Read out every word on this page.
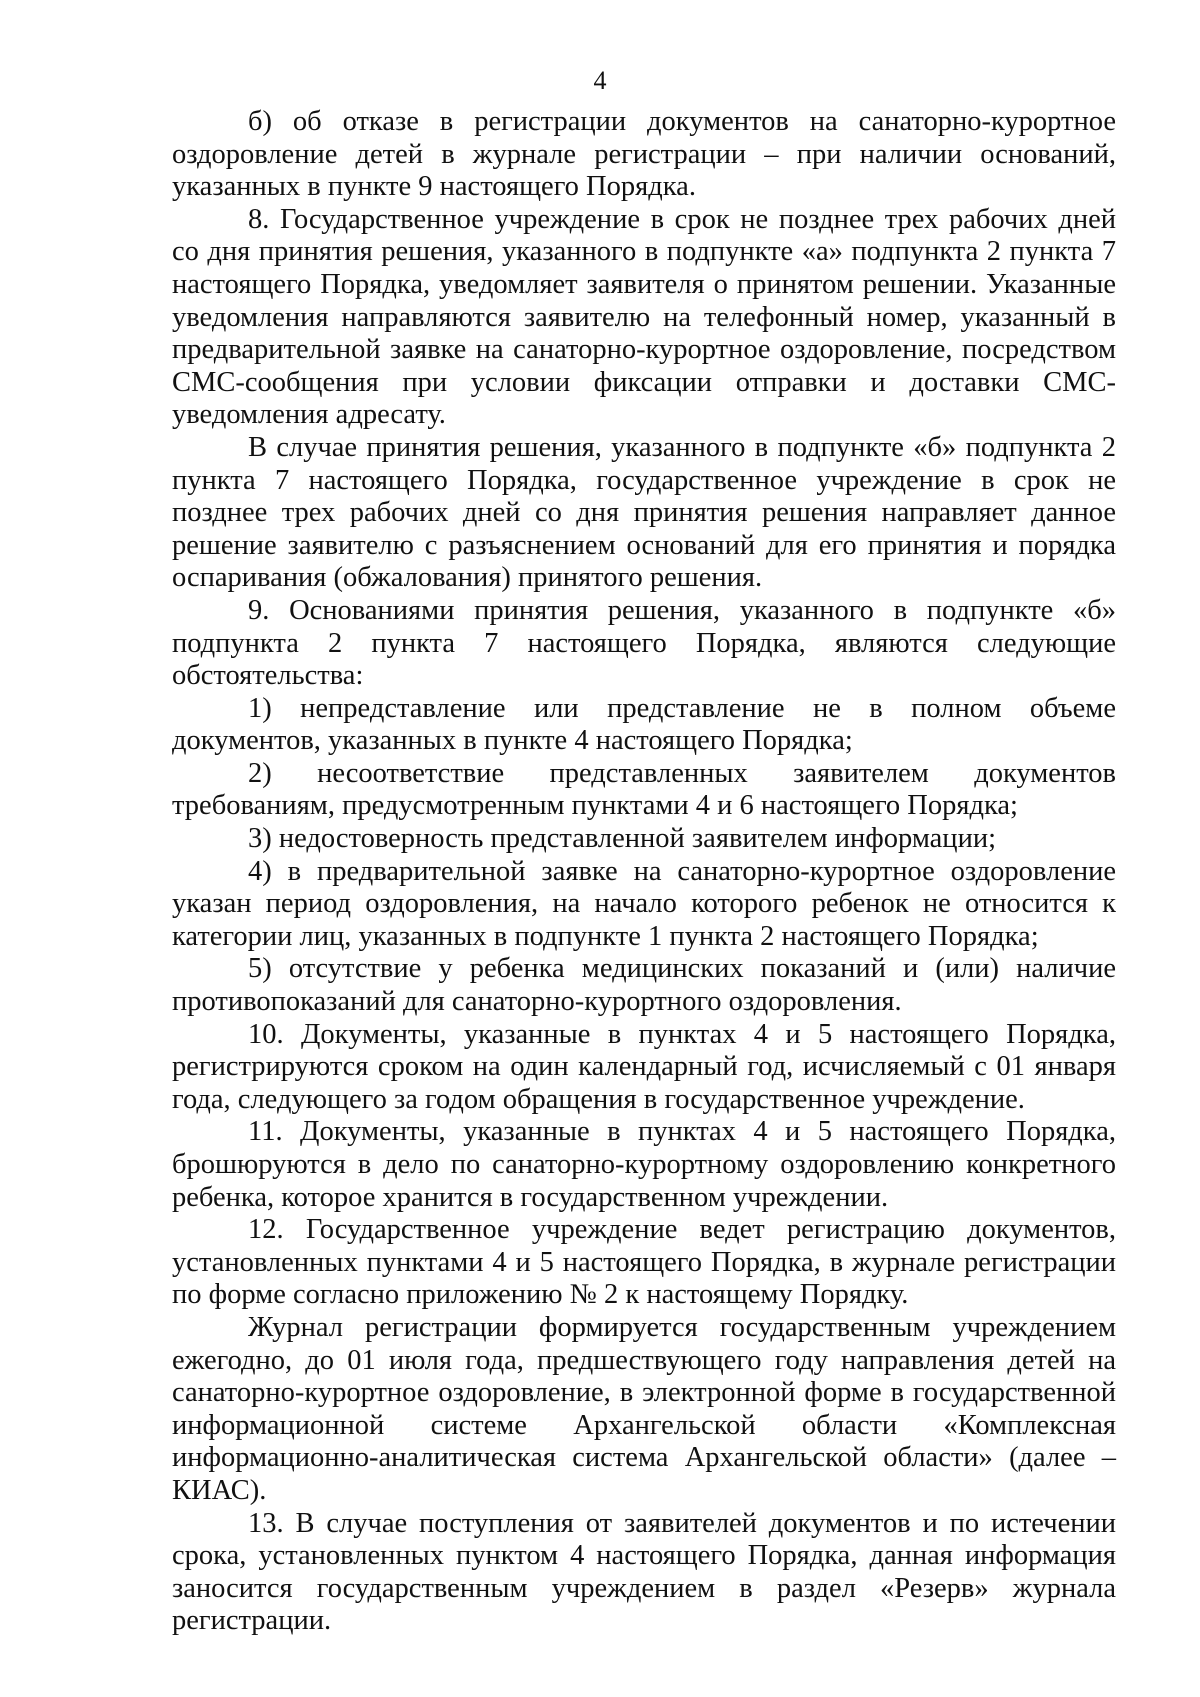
4

б) об отказе в регистрации документов на санаторно-курортное оздоровление детей в журнале регистрации – при наличии оснований, указанных в пункте 9 настоящего Порядка.

8. Государственное учреждение в срок не позднее трех рабочих дней со дня принятия решения, указанного в подпункте «а» подпункта 2 пункта 7 настоящего Порядка, уведомляет заявителя о принятом решении. Указанные уведомления направляются заявителю на телефонный номер, указанный в предварительной заявке на санаторно-курортное оздоровление, посредством СМС-сообщения при условии фиксации отправки и доставки СМС-уведомления адресату.

В случае принятия решения, указанного в подпункте «б» подпункта 2 пункта 7 настоящего Порядка, государственное учреждение в срок не позднее трех рабочих дней со дня принятия решения направляет данное решение заявителю с разъяснением оснований для его принятия и порядка оспаривания (обжалования) принятого решения.

9. Основаниями принятия решения, указанного в подпункте «б» подпункта 2 пункта 7 настоящего Порядка, являются следующие обстоятельства:

1) непредставление или представление не в полном объеме документов, указанных в пункте 4 настоящего Порядка;

2) несоответствие представленных заявителем документов требованиям, предусмотренным пунктами 4 и 6 настоящего Порядка;

3) недостоверность представленной заявителем информации;

4) в предварительной заявке на санаторно-курортное оздоровление указан период оздоровления, на начало которого ребенок не относится к категории лиц, указанных в подпункте 1 пункта 2 настоящего Порядка;

5) отсутствие у ребенка медицинских показаний и (или) наличие противопоказаний для санаторно-курортного оздоровления.

10. Документы, указанные в пунктах 4 и 5 настоящего Порядка, регистрируются сроком на один календарный год, исчисляемый с 01 января года, следующего за годом обращения в государственное учреждение.

11. Документы, указанные в пунктах 4 и 5 настоящего Порядка, брошюруются в дело по санаторно-курортному оздоровлению конкретного ребенка, которое хранится в государственном учреждении.

12. Государственное учреждение ведет регистрацию документов, установленных пунктами 4 и 5 настоящего Порядка, в журнале регистрации по форме согласно приложению № 2 к настоящему Порядку.

Журнал регистрации формируется государственным учреждением ежегодно, до 01 июля года, предшествующего году направления детей на санаторно-курортное оздоровление, в электронной форме в государственной информационной системе Архангельской области «Комплексная информационно-аналитическая система Архангельской области» (далее – КИАС).

13. В случае поступления от заявителей документов и по истечении срока, установленных пунктом 4 настоящего Порядка, данная информация заносится государственным учреждением в раздел «Резерв» журнала регистрации.
